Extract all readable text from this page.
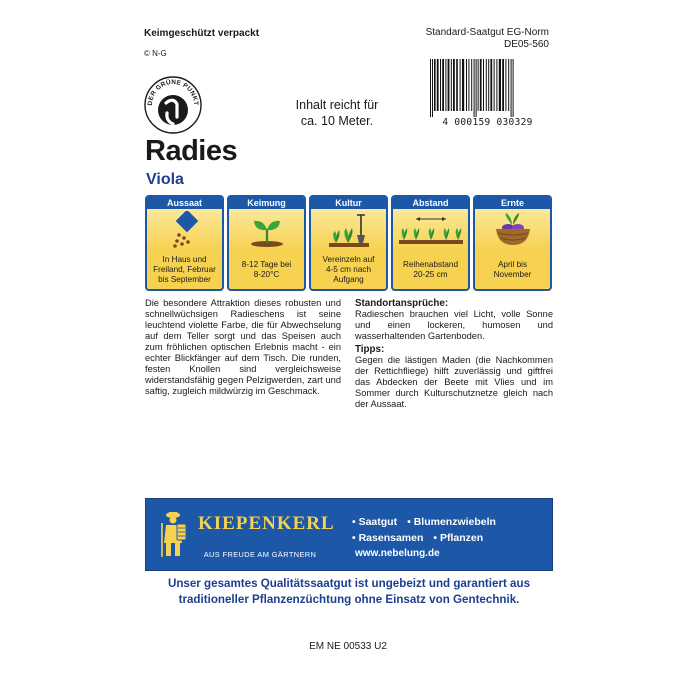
Keimgeschützt verpackt
© N-G
Standard-Saatgut EG-Norm
DE05-560
DER GRÜNE PUNKT
4 000159 030329
Inhalt reicht für
ca. 10 Meter.
Radies
Viola
Aussaat
In Haus und
Freiland, Februar
bis September
Keimung
8-12 Tage bei
8-20°C
Kultur
Vereinzeln auf
4-5 cm nach
Aufgang
Abstand
Reihenabstand
20-25 cm
Ernte
April bis
November
Die besondere Attraktion dieses robusten und schnellwüchsigen Radieschens ist seine leuchtend violette Farbe, die für Abwechselung auf dem Teller sorgt und das Speisen auch zum fröhlichen optischen Erlebnis macht - ein echter Blickfänger auf dem Tisch. Die runden, festen Knollen sind vergleichsweise widerstandsfähig gegen Pelzigwerden, zart und saftig, zugleich mildwürzig im Geschmack.

Standortansprüche:
Radieschen brauchen viel Licht, volle Sonne und einen lockeren, humosen und wasserhaltenden Gartenboden.

Tipps:
Gegen die lästigen Maden (die Nachkommen der Rettichfliege) hilft zuverlässig und giftfrei das Abdecken der Beete mit Vlies und im Sommer durch Kulturschutznetze gleich nach der Aussaat.

KIEPENKERL
AUS FREUDE AM GÄRTNERN
• Saatgut • Blumenzwiebeln
• Rasensamen • Pflanzen
www.nebelung.de
Unser gesamtes Qualitätssaatgut ist ungebeizt und garantiert aus traditioneller Pflanzenzüchtung ohne Einsatz von Gentechnik.
EM NE 00533 U2
